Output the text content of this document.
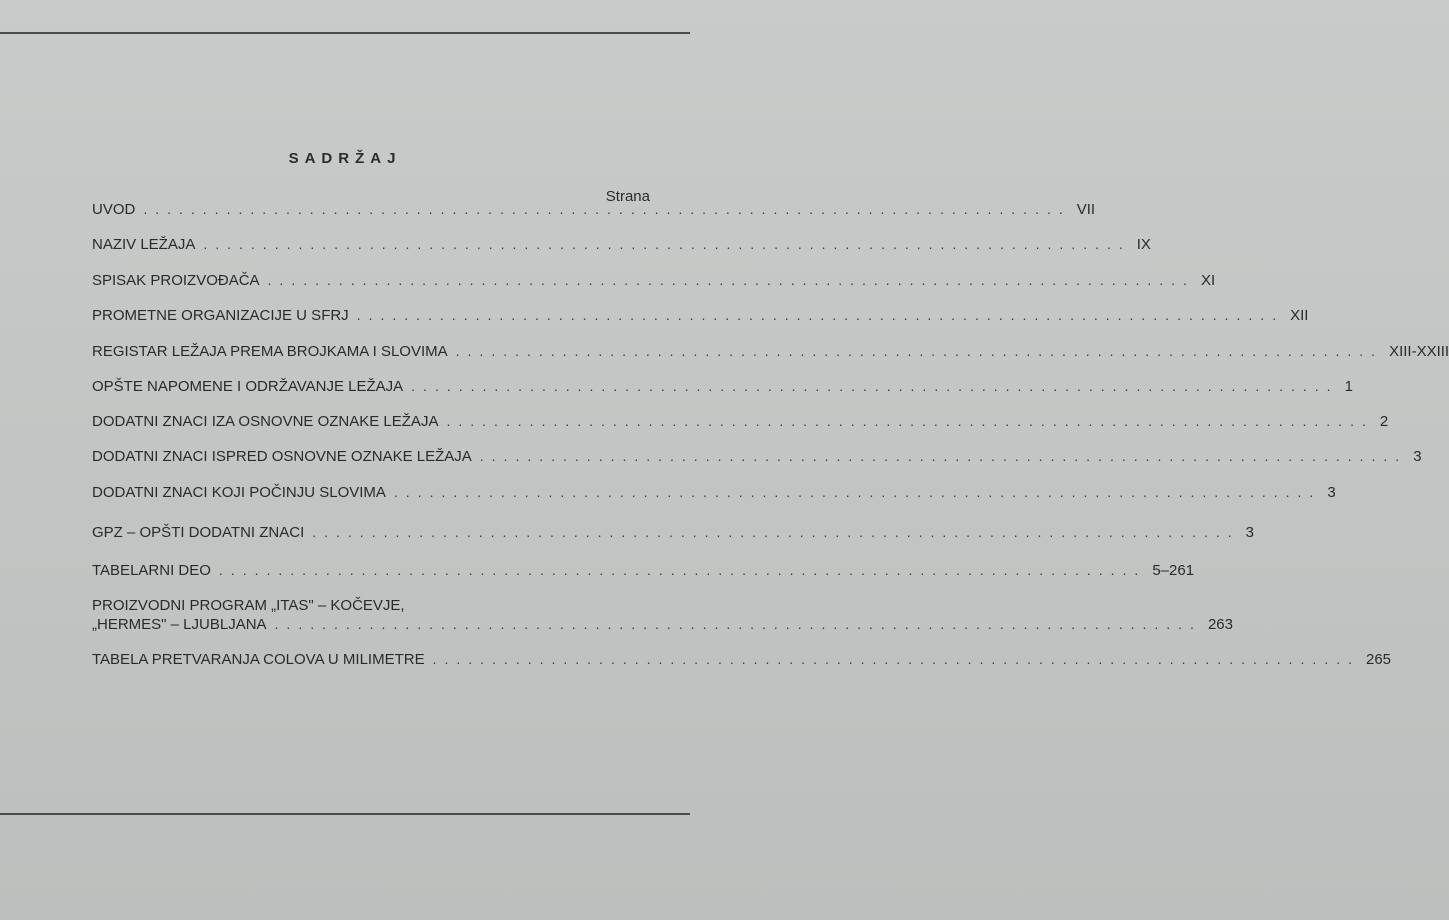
SADRŽAJ
Strana
UVOD .............................................................................. VII
NAZIV LEŽAJA .............................................................................. IX
SPISAK PROIZVOĐAČA .............................................................................. XI
PROMETNE ORGANIZACIJE U SFRJ .............................................................................. XII
REGISTAR LEŽAJA PREMA BROJKAMA I SLOVIMA .............................................................................. XIII-XXIII
OPŠTE NAPOMENE I ODRŽAVANJE LEŽAJA .............................................................................. 1
DODATNI ZNACI IZA OSNOVNE OZNAKE LEŽAJA .............................................................................. 2
DODATNI ZNACI ISPRED OSNOVNE OZNAKE LEŽAJA .............................................................................. 3
DODATNI ZNACI KOJI POČINJU SLOVIMA .............................................................................. 3
GPZ – OPŠTI DODATNI ZNACI .............................................................................. 3
TABELARNI DEO .............................................................................. 5–261
PROIZVODNI PROGRAM „ITAS" – KOČEVJE,
„HERMES" – LJUBLJANA .............................................................................. 263
TABELA PRETVARANJA COLOVA U MILIMETRE .............................................................................. 265
